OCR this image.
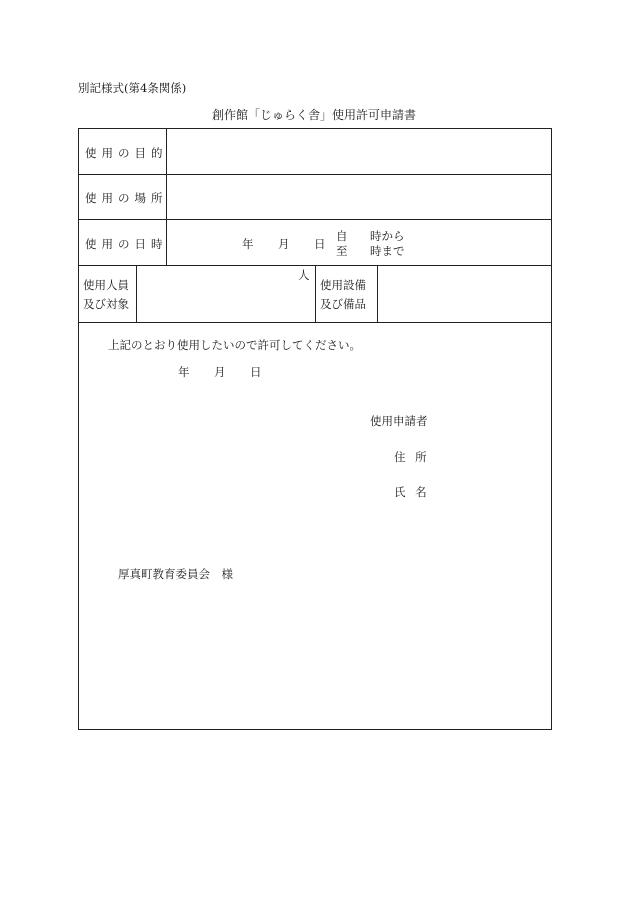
別記様式(第4条関係)
創作館「じゅらく舎」使用許可申請書
使用の目的
使用の場所
使用の日時	年 月 日
自 時から
至 時まで
使用人員
及び対象
人
使用設備
及び備品
上記のとおり使用したいので許可してください。
年 月 日
使用申請者
住 所
氏 名
厚真町教育委員会　様
